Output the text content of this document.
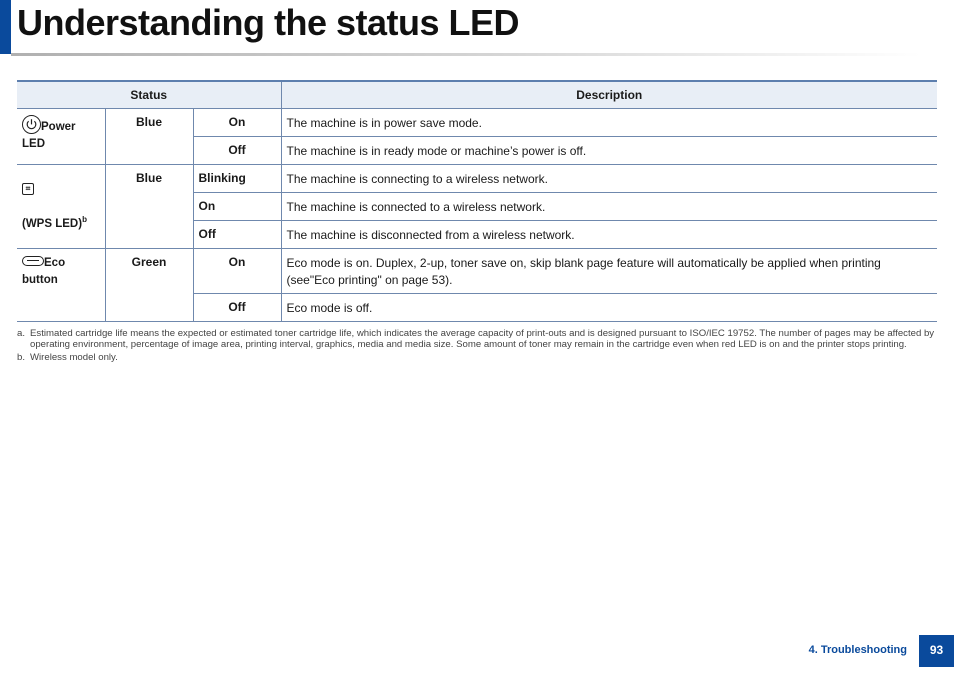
Understanding the status LED
Status			Description

Power LED	Blue	On	The machine is in power save mode.
		Off	The machine is in ready mode or machine’s power is off.

⌗
(WPS LED)$^b$	Blue	Blinking	The machine is connecting to a wireless network.
		On	The machine is connected to a wireless network.
		Off	The machine is disconnected from a wireless network.
Eco button	Green	On	Eco mode is on. Duplex, 2-up, toner save on, skip blank page feature will automatically be applied when printing (see"Eco printing" on page 53).
		Off	Eco mode is off.
a. Estimated cartridge life means the expected or estimated toner cartridge life, which indicates the average capacity of print-outs and is designed pursuant to ISO/IEC 19752. The number of pages may be affected by operating environment, percentage of image area, printing interval, graphics, media and media size. Some amount of toner may remain in the cartridge even when red LED is on and the printer stops printing.
b. Wireless model only.
4. Troubleshooting	93
